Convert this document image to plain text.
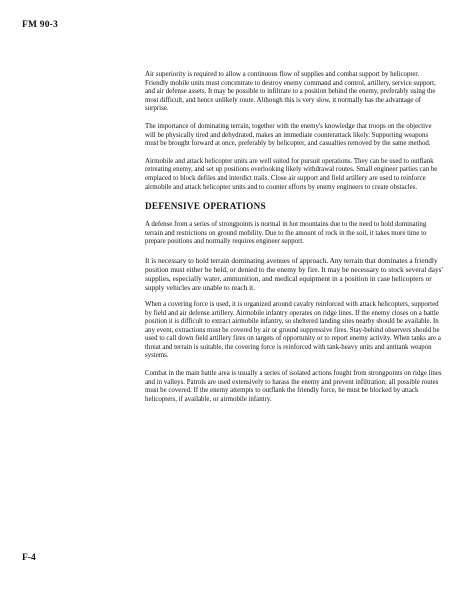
FM 90-3

Air superiority is required to allow a continuous flow of supplies and combat support by helicopter. Friendly mobile units must concentrate to destroy enemy command and control, artillery, service support, and air defense assets. It may be possible to infiltrate to a position behind the enemy, preferably using the most difficult, and hence unlikely route. Although this is very slow, it normally has the advantage of surprise.

The importance of dominating terrain, together with the enemy's knowledge that troops on the objective will be physically tired and dehydrated, makes an immediate counterattack likely. Supporting weapons must be brought forward at once, preferably by helicopter, and casualties removed by the same method.

Airmobile and attack helicopter units are well suited for pursuit operations. They can be used to outflank retreating enemy, and set up positions overlooking likely withdrawal routes. Small engineer parties can be emplaced to block defiles and interdict trails. Close air support and field artillery are used to reinforce airmobile and attack helicopter units and to counter efforts by enemy engineers to create obstacles.

DEFENSIVE OPERATIONS

A defense from a series of strongpoints is normal in hot mountains due to the need to hold dominating terrain and restrictions on ground mobility. Due to the amount of rock in the soil, it takes more time to prepare positions and normally requires engineer support.

It is necessary to hold terrain dominating avenues of approach. Any terrain that dominates a friendly position must either be held, or denied to the enemy by fire. It may be necessary to stock several days' supplies, especially water, ammunition, and medical equipment in a position in case helicopters or supply vehicles are unable to reach it.

When a covering force is used, it is organized around cavalry reinforced with attack helicopters, supported by field and air defense artillery. Airmobile infantry operates on ridge lines. If the enemy closes on a battle position it is difficult to extract airmobile infantry, so sheltered landing sites nearby should be available. In any event, extractions must be covered by air or ground suppressive fires. Stay-behind observers should be used to call down field artillery fires on targets of opportunity or to report enemy activity. When tanks are a threat and terrain is suitable, the covering force is reinforced with tank-heavy units and antitank weapon systems.

Combat in the main battle area is usually a series of isolated actions fought from strongpoints on ridge lines and in valleys. Patrols are used extensively to harass the enemy and prevent infiltration; all possible routes must be covered. If the enemy attempts to outflank the friendly force, he must be blocked by attack helicopters, if available, or airmobile infantry.

F-4
